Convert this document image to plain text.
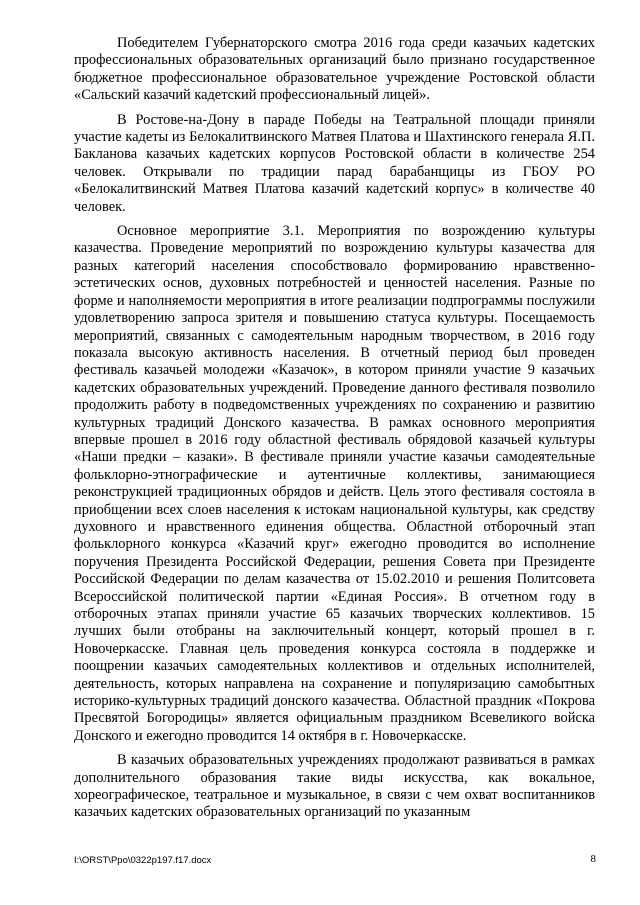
Победителем Губернаторского смотра 2016 года среди казачьих кадетских профессиональных образовательных организаций было признано государственное бюджетное профессиональное образовательное учреждение Ростовской области «Сальский казачий кадетский профессиональный лицей».

В Ростове-на-Дону в параде Победы на Театральной площади приняли участие кадеты из Белокалитвинского Матвея Платова и Шахтинского генерала Я.П. Бакланова казачьих кадетских корпусов Ростовской области в количестве 254 человек. Открывали по традиции парад барабанщицы из ГБОУ РО «Белокалитвинский Матвея Платова казачий кадетский корпус» в количестве 40 человек.

Основное мероприятие 3.1. Мероприятия по возрождению культуры казачества. Проведение мероприятий по возрождению культуры казачества для разных категорий населения способствовало формированию нравственно-эстетических основ, духовных потребностей и ценностей населения. Разные по форме и наполняемости мероприятия в итоге реализации подпрограммы послужили удовлетворению запроса зрителя и повышению статуса культуры. Посещаемость мероприятий, связанных с самодеятельным народным творчеством, в 2016 году показала высокую активность населения. В отчетный период был проведен фестиваль казачьей молодежи «Казачок», в котором приняли участие 9 казачьих кадетских образовательных учреждений. Проведение данного фестиваля позволило продолжить работу в подведомственных учреждениях по сохранению и развитию культурных традиций Донского казачества. В рамках основного мероприятия впервые прошел в 2016 году областной фестиваль обрядовой казачьей культуры «Наши предки – казаки». В фестивале приняли участие казачьи самодеятельные фольклорно-этнографические и аутентичные коллективы, занимающиеся реконструкцией традиционных обрядов и действ. Цель этого фестиваля состояла в приобщении всех слоев населения к истокам национальной культуры, как средству духовного и нравственного единения общества. Областной отборочный этап фольклорного конкурса «Казачий круг» ежегодно проводится во исполнение поручения Президента Российской Федерации, решения Совета при Президенте Российской Федерации по делам казачества от 15.02.2010 и решения Политсовета Всероссийской политической партии «Единая Россия». В отчетном году в отборочных этапах приняли участие 65 казачьих творческих коллективов. 15 лучших были отобраны на заключительный концерт, который прошел в г. Новочеркасске. Главная цель проведения конкурса состояла в поддержке и поощрении казачьих самодеятельных коллективов и отдельных исполнителей, деятельность, которых направлена на сохранение и популяризацию самобытных историко-культурных традиций донского казачества. Областной праздник «Покрова Пресвятой Богородицы» является официальным праздником Всевеликого войска Донского и ежегодно проводится 14 октября в г. Новочеркасске.

В казачьих образовательных учреждениях продолжают развиваться в рамках дополнительного образования такие виды искусства, как вокальное, хореографическое, театральное и музыкальное, в связи с чем охват воспитанников казачьих кадетских образовательных организаций по указанным

I:\ORST\Ppo\0322p197.f17.docx	8
